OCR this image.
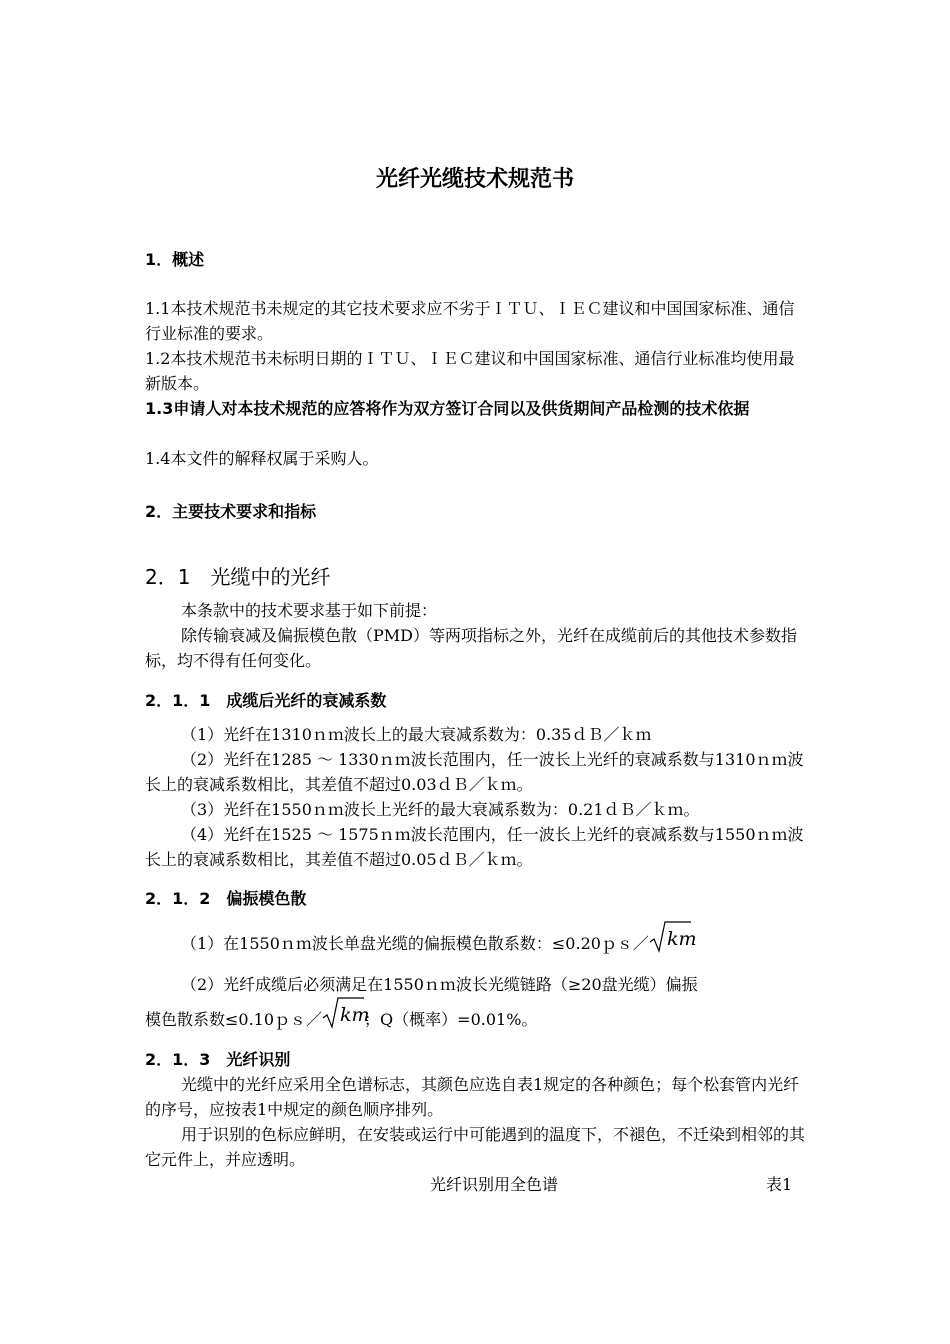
光纤光缆技术规范书
1．概述
1.1本技术规范书未规定的其它技术要求应不劣于ＩＴＵ、ＩＥＣ建议和中国国家标准、通信行业标准的要求。
1.2本技术规范书未标明日期的ＩＴＵ、ＩＥＣ建议和中国国家标准、通信行业标准均使用最新版本。
1.3申请人对本技术规范的应答将作为双方签订合同以及供货期间产品检测的技术依据
1.4本文件的解释权属于采购人。
2．主要技术要求和指标
2．1　光缆中的光纤
本条款中的技术要求基于如下前提：
除传输衰减及偏振模色散（PMD）等两项指标之外，光纤在成缆前后的其他技术参数指标，均不得有任何变化。
2．1．1　成缆后光纤的衰减系数
（1）光纤在1310ｎｍ波长上的最大衰减系数为：0.35ｄＢ／ｋｍ
（2）光纤在1285 ～ 1330ｎｍ波长范围内，任一波长上光纤的衰减系数与1310ｎｍ波长上的衰减系数相比，其差值不超过0.03ｄＢ／ｋｍ。
（3）光纤在1550ｎｍ波长上光纤的最大衰减系数为：0.21ｄＢ／ｋｍ。
（4）光纤在1525 ～ 1575ｎｍ波长范围内，任一波长上光纤的衰减系数与1550ｎｍ波长上的衰减系数相比，其差值不超过0.05ｄＢ／ｋｍ。
2．1．2　偏振模色散
（1）在1550ｎｍ波长单盘光缆的偏振模色散系数：≤0.20ｐｓ／ km
（2）光纤成缆后必须满足在1550ｎｍ波长光缆链路（≥20盘光缆）偏振
模色散系数≤0.10ｐｓ／ km
；Q（概率）=0.01%。
2．1．3　光纤识别
光缆中的光纤应采用全色谱标志，其颜色应选自表1规定的各种颜色；每个松套管内光纤的序号，应按表1中规定的颜色顺序排列。
用于识别的色标应鲜明，在安装或运行中可能遇到的温度下，不褪色，不迁染到相邻的其它元件上，并应透明。
光纤识别用全色谱	表1
